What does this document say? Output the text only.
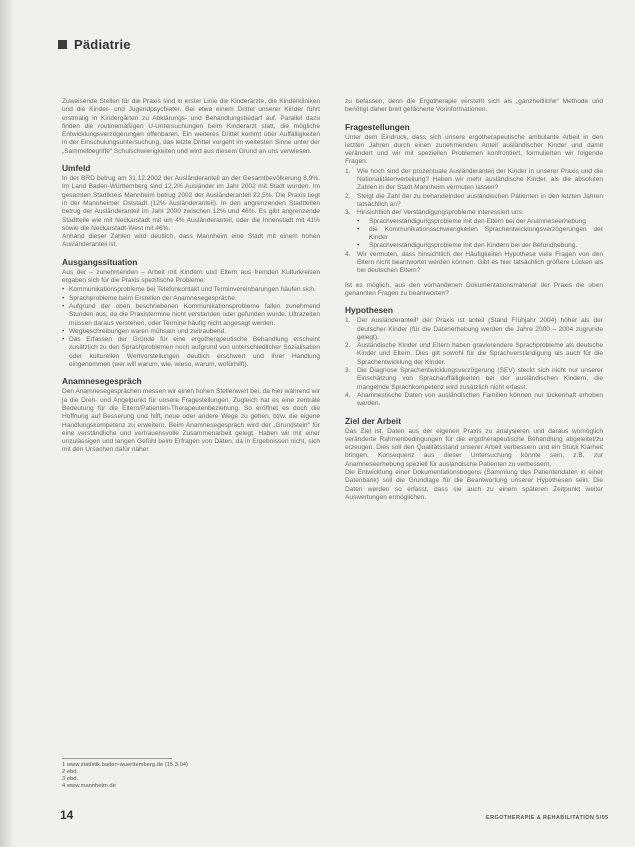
Pädiatrie

Zuweisende Stellen für die Praxis sind in erster Linie die Kinderärzte, die Kinderkliniken und die Kinder- und Jugendpsychiater. Bei etwa einem Drittel unserer Kinder führt erstmalig in Kindergärten zu Abklärungs- und Behandlungsbedarf auf. Parallel dazu finden die routinemäßigen U-Untersuchungen beim Kinderarzt statt, die mögliche Entwicklungsverzögerungen offenbaren. Ein weiteres Drittel kommt über Auffälligkeiten in der Einschulungsuntersuchung, das letzte Drittel vorgeht im weitesten Sinne unter der „Sammelbegriffe“ Schulschwierigkeiten und wird aus diesem Grund an uns verwiesen.

Umfeld

In der BRD betrug am 31.12.2002 der Ausländeranteil an der Gesamtbevölkerung 8,9%. Im Land Baden-Württemberg sind 12,2% Ausländer im Jahr 2002 mit Stadt wurden. Im gesamten Stadtkreis Mannheim betrug 2002 der Ausländeranteil 22,5%. Die Praxis liegt in der Mannheimer Oststadt (12% Ausländeranteil). In den angrenzenden Stadtteilen betrug der Ausländeranteil im Jahr 2000 zwischen 12% und 46%. Es gibt angrenzende Stadtteile wie mit Neckarstadt mit um 4% Ausländeranteil, oder die Innenstadt mit 41% sowie die Neckarstadt-West mit 46%.
Anhand dieser Zahlen wird deutlich, dass Mannheim eine Stadt mit einem hohen Ausländeranteil ist.

Ausgangssituation

Aus der – zunehmenden – Arbeit mit Kindern und Eltern aus fremden Kulturkreisen ergaben sich für die Praxis spezifische Probleme:

• Kommunikationsprobleme bei Telefonkontakt und Terminvereinbarungen häufen sich.
• Sprachprobleme beim Erstellen der Anamnesegespräche.
• Aufgrund der oben beschriebenen Kommunikationsprobleme fallen zunehmend Stunden aus, da die Praxistermine nicht verstanden oder gefunden wurde. Ultrazeiten müssen daraus verstehen, oder Termine häufig nicht angesagt werden.
• Wegbeschreibungen waren mühsam und zeitraubend.
• Das Erfassen der Gründe für eine ergotherapeutische Behandlung erscheint zusätzlich zu den Sprachproblemen noch aufgrund von unterschiedlicher Sozialisation oder kulturellen Wertvorstellungen deutlich erschwert und ihrer Handlung eingenommen (wer will warum, wie, wieso, warum, wofürhilft).
Anamnesegespräch

Den Anamnesegesprächen messen wir einen hohen Stellenwert bei, da hier während wir ja die Dreh- und Angelpunkt für unsere Fragestellungen. Zugleich hat es eine zentrale Bedeutung für die Eltern/Patienten-Therapeutenbeziehung. So eröffnet es doch die Hoffnung auf Besserung und hilft, neue oder andere Wege zu gehen, bzw. die eigene Handlungskompetenz zu erweitern. Beim Anamnesegespräch wird der „Grundstein“ für eine verständliche und vertrauensvolle Zusammenarbeit gelegt. Haben wir mit einer unzulässigen und langen Gefühl beim Erfragen von Daten, da in Ergebnissen nicht, sich mit den Ursachen dafür näher

1 www.statistik.baden-wuerttemberg.de (15.3.04)
2 ebd.
3 ebd.
4 www.mannheim.de

zu befassen, denn die Ergotherapie versteht sich als „ganzheitliche“ Methode und benötigt daher breit gefächerte Vorinformationen.

Fragestellungen

Unter dem Eindruck, dass sich unsere ergotherapeutische ambulante Arbeit in den letzten Jahren durch einen zunehmenden Anteil ausländischer Kinder und damit verändert und wir mit speziellen Problemen konfrontiert, formulierten wir folgende Fragen:

1. Wie hoch sind der prozentuale Ausländeranteil der Kinder in unserer Praxis und die Nationalitätenverteilung? Haben wir mehr ausländische Kinder, als die absoluten Zahlen in der Stadt Mannheim vermuten lassen?
2. Steigt die Zahl der zu behandelnden ausländischen Patienten in den letzten Jahren tatsächlich an?
3. Hinsichtlich der Verständigungsprobleme interessiert uns:
• Sprachverständigungsprobleme mit den Eltern bei der Anamneseerhebung
• die Kommunikationsschwierigkeiten Sprachentwicklungsverzögerungen der Kinder
• Sprachverständigungsprobleme mit den Kindern bei der Befundhebung.
4. Wir vermuten, dass hinsichtlich der Häufigkeiten Hypothese viele Fragen von den Eltern nicht beantwortet werden können. Gibt es hier tatsächlich größere Lücken als bei deutschen Eltern?

Ist es möglich, aus den vorhandenen Dokumentationsmaterial der Praxis die oben genannten Fragen zu beantworten?

Hypothesen
1. Der Ausländeranteil³ der Praxis ist anteil (Stand Frühjahr 2004) höher als der deutscher Kinder (für die Datenerhebung werden die Jahre 2000 – 2004 zugrunde gelegt).
2. Ausländische Kinder und Eltern haben gravierendere Sprachprobleme als deutsche Kinder und Eltern. Dies gilt sowohl für die Sprachverständigung als auch für die Sprachentwicklung der Kinder.
3. Die Diagnose Sprachentwicklungsverzögerung (SEV) steckt sich nicht nur unserer Einschätzung von Sprachauffälligkeiten bei der ausländischen Kindern, die mangelnde Sprachkompetenz wird zusätzlich nicht erfasst.
4. Anamnestische Daten von ausländischen Familien können nur lückenhaft erhoben werden.
Ziel der Arbeit

Das Ziel ist, Daten aus der eigenen Praxis zu analysieren und daraus womöglich veränderte Rahmenbedingungen für die ergotherapeutische Behandlung abgeleitet/zu erzeugen. Dies soll den Qualitätsstand unserer Arbeit verbessern und ein Stück Klarheit bringen. Konsequenz aus dieser Untersuchung könnte sein, z.B. zur Anamneseerhebung speziell für ausländische Patienten zu verbessern.
Die Entwicklung einer Dokumentationsbogens (Sammlung des Patientendaten in einer Datenbank) soll die Grundlage für die Beantwortung unserer Hypothesen sein. Die Daten werden so erfasst, dass sie auch zu einem späteren Zeitpunkt weiter Auswertungen ermöglichen.

14	ERGOTHERAPIE & REHABILITATION 5/05
